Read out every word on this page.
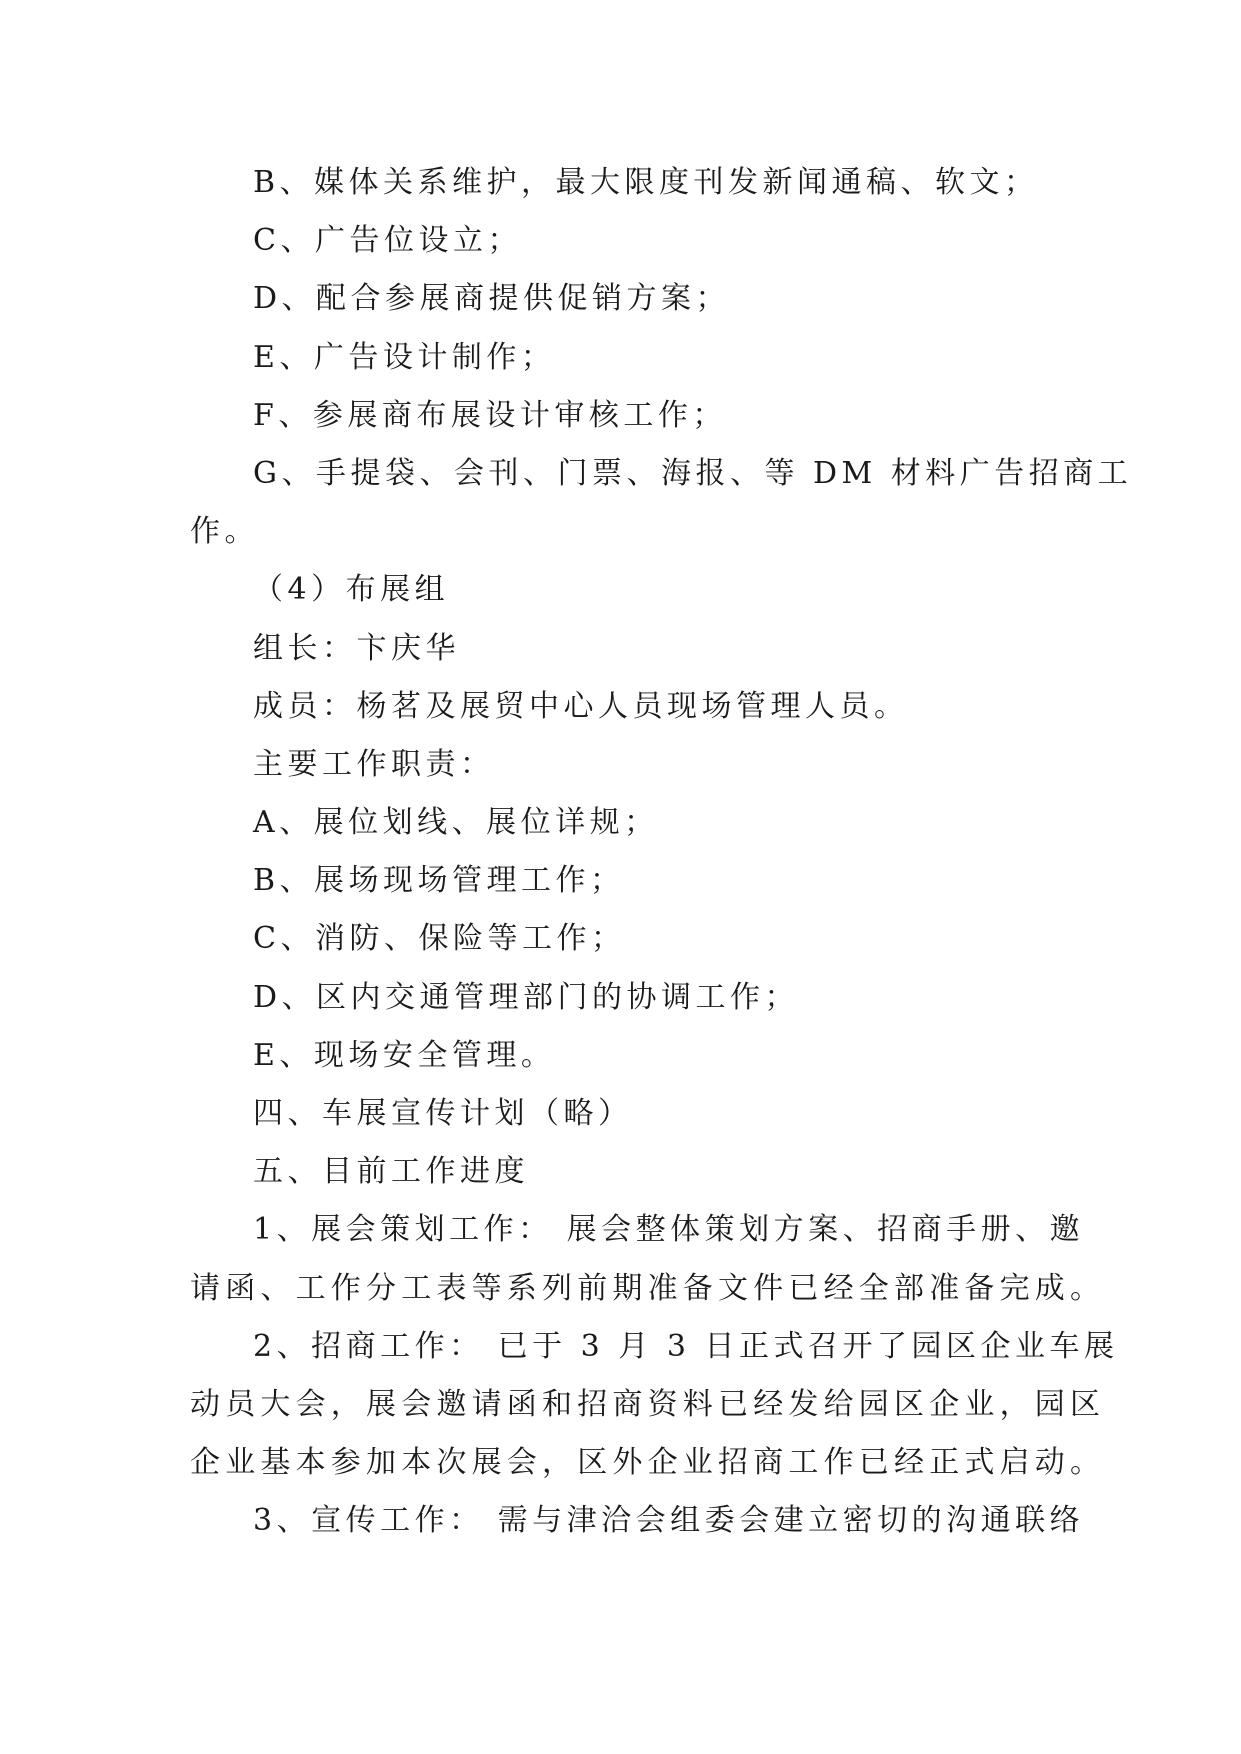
B、媒体关系维护，最大限度刊发新闻通稿、软文；
C、广告位设立；
D、配合参展商提供促销方案；
E、广告设计制作；
F、参展商布展设计审核工作；
G、手提袋、会刊、门票、海报、等 DM 材料广告招商工
作。
（4）布展组
组长：卞庆华
成员：杨茗及展贸中心人员现场管理人员。
主要工作职责：
A、展位划线、展位详规；
B、展场现场管理工作；
C、消防、保险等工作；
D、区内交通管理部门的协调工作；
E、现场安全管理。
四、车展宣传计划（略）
五、目前工作进度
1、展会策划工作： 展会整体策划方案、招商手册、邀
请函、工作分工表等系列前期准备文件已经全部准备完成。
2、招商工作： 已于 3 月 3 日正式召开了园区企业车展
动员大会，展会邀请函和招商资料已经发给园区企业，园区
企业基本参加本次展会，区外企业招商工作已经正式启动。
3、宣传工作： 需与津洽会组委会建立密切的沟通联络
